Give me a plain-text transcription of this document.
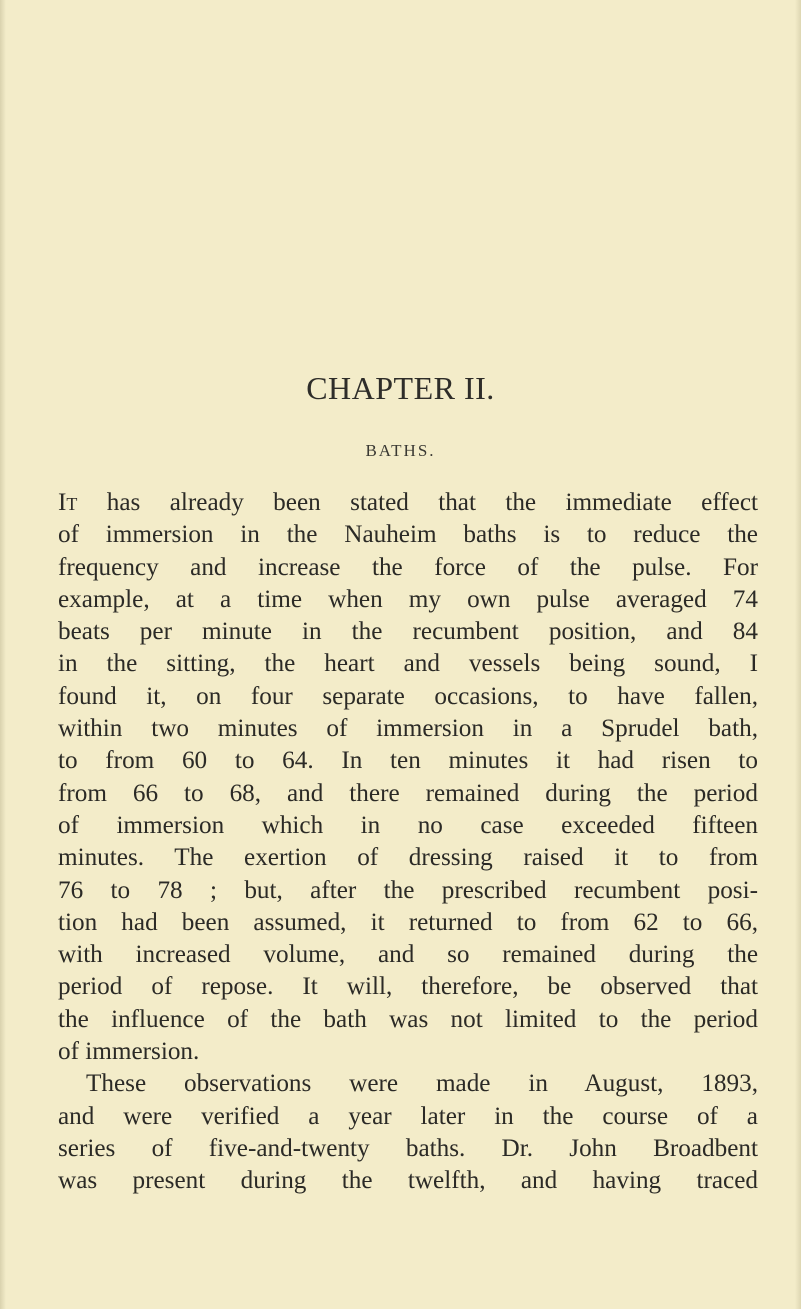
CHAPTER II.
BATHS.
It has already been stated that the immediate effect
of immersion in the Nauheim baths is to reduce the
frequency and increase the force of the pulse. For
example, at a time when my own pulse averaged 74
beats per minute in the recumbent position, and 84
in the sitting, the heart and vessels being sound, I
found it, on four separate occasions, to have fallen,
within two minutes of immersion in a Sprudel bath,
to from 60 to 64. In ten minutes it had risen to
from 66 to 68, and there remained during the period
of immersion which in no case exceeded fifteen
minutes. The exertion of dressing raised it to from
76 to 78 ; but, after the prescribed recumbent posi-
tion had been assumed, it returned to from 62 to 66,
with increased volume, and so remained during the
period of repose. It will, therefore, be observed that
the influence of the bath was not limited to the period
of immersion.
These observations were made in August, 1893,
and were verified a year later in the course of a
series of five-and-twenty baths. Dr. John Broadbent
was present during the twelfth, and having traced
